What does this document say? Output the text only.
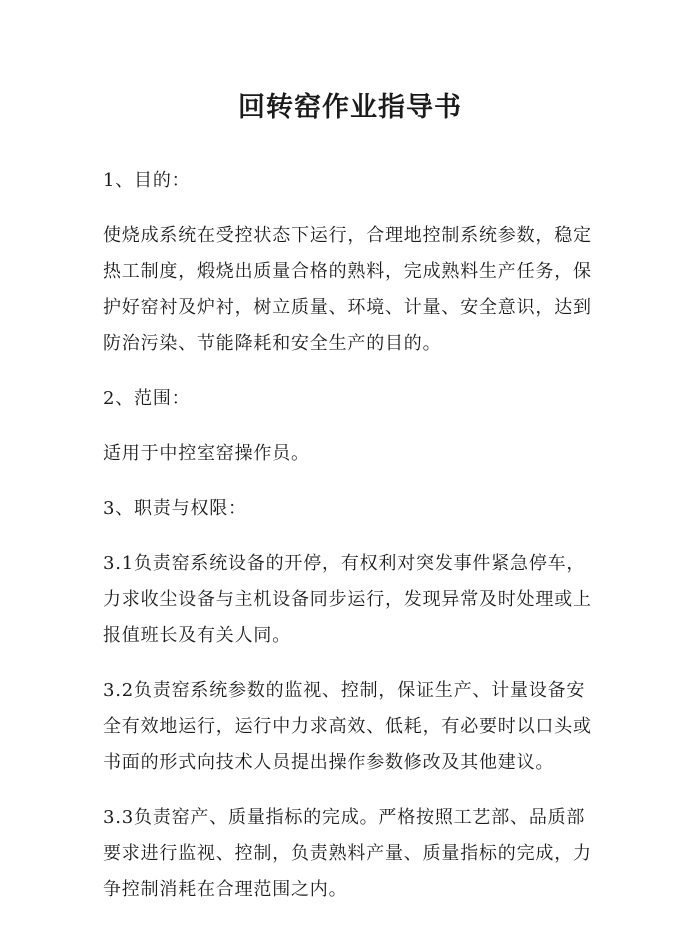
回转窑作业指导书

1、目的：

使烧成系统在受控状态下运行，合理地控制系统参数，稳定热工制度，煅烧出质量合格的熟料，完成熟料生产任务，保护好窑衬及炉衬，树立质量、环境、计量、安全意识，达到防治污染、节能降耗和安全生产的目的。

2、范围：

适用于中控室窑操作员。

3、职责与权限：

3.1负责窑系统设备的开停，有权利对突发事件紧急停车，力求收尘设备与主机设备同步运行，发现异常及时处理或上报值班长及有关人同。

3.2负责窑系统参数的监视、控制，保证生产、计量设备安全有效地运行，运行中力求高效、低耗，有必要时以口头或书面的形式向技术人员提出操作参数修改及其他建议。

3.3负责窑产、质量指标的完成。严格按照工艺部、品质部要求进行监视、控制，负责熟料产量、质量指标的完成，力争控制消耗在合理范围之内。
